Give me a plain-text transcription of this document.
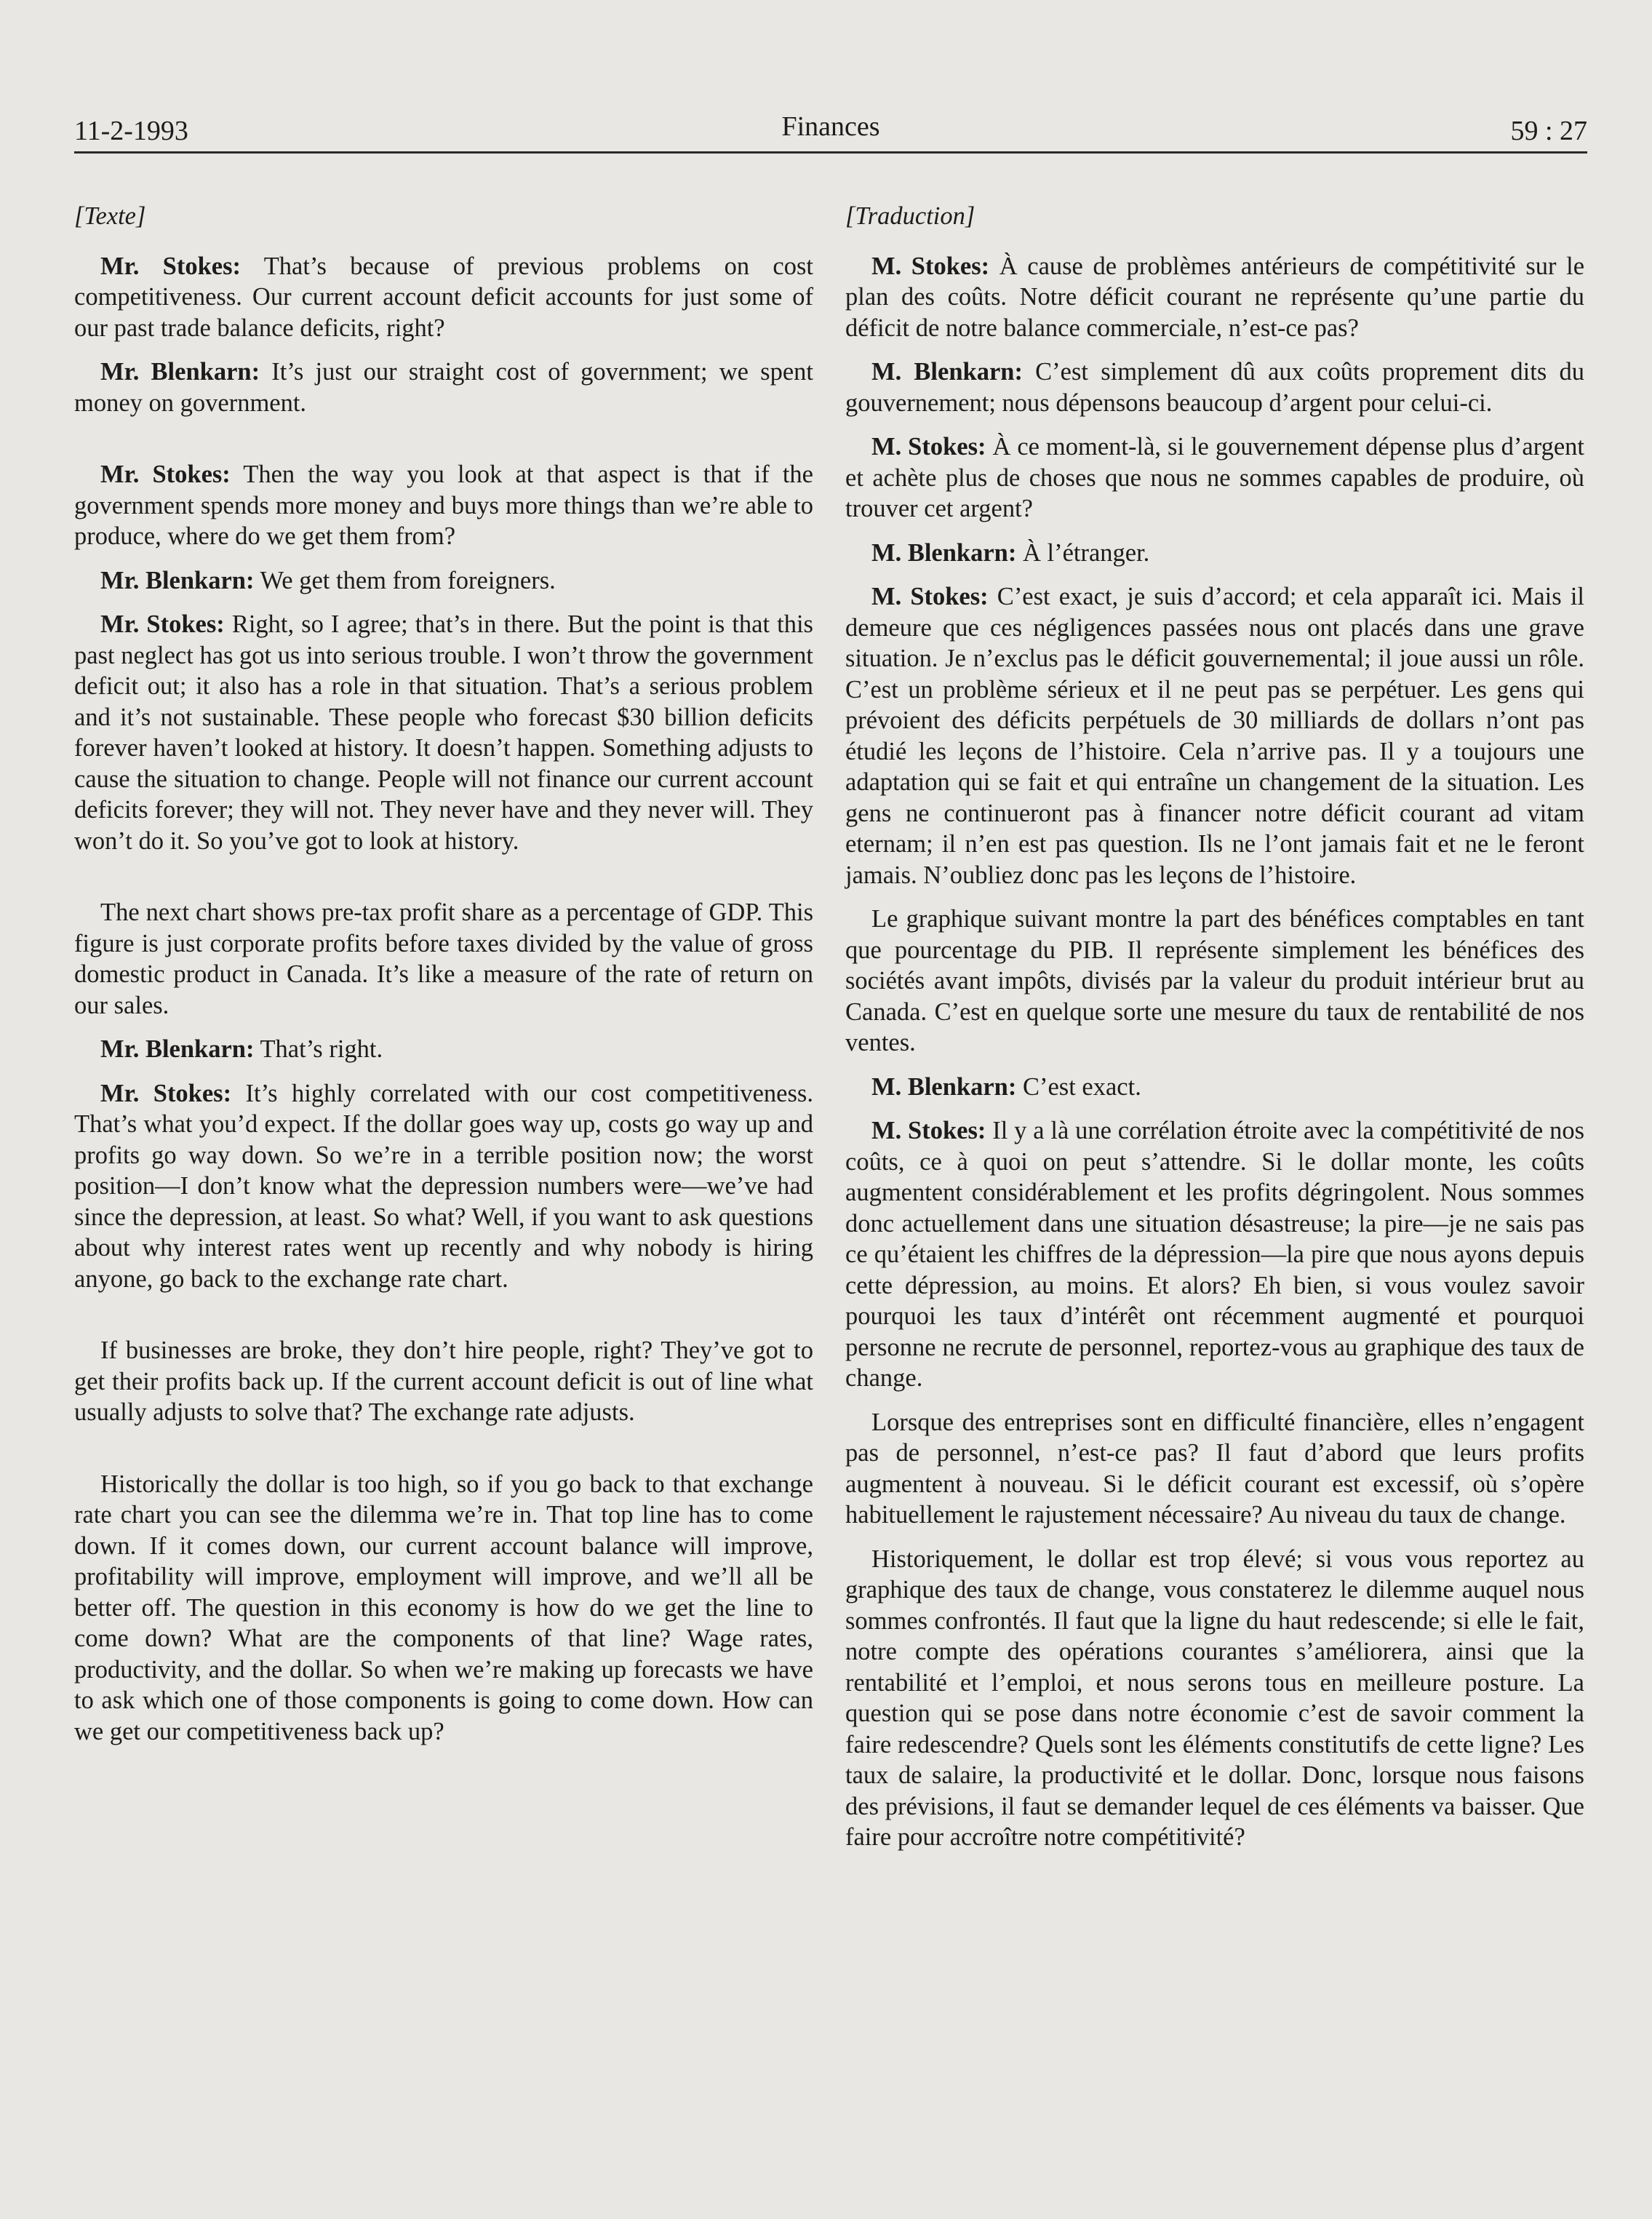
11-2-1993	Finances	59 : 27
[Texte]

Mr. Stokes: That’s because of previous problems on cost competitiveness. Our current account deficit accounts for just some of our past trade balance deficits, right?

Mr. Blenkarn: It’s just our straight cost of government; we spent money on government.

Mr. Stokes: Then the way you look at that aspect is that if the government spends more money and buys more things than we’re able to produce, where do we get them from?

Mr. Blenkarn: We get them from foreigners.

Mr. Stokes: Right, so I agree; that’s in there. But the point is that this past neglect has got us into serious trouble. I won’t throw the government deficit out; it also has a role in that situation. That’s a serious problem and it’s not sustainable. These people who forecast $30 billion deficits forever haven’t looked at history. It doesn’t happen. Something adjusts to cause the situation to change. People will not finance our current account deficits forever; they will not. They never have and they never will. They won’t do it. So you’ve got to look at history.

The next chart shows pre-tax profit share as a percentage of GDP. This figure is just corporate profits before taxes divided by the value of gross domestic product in Canada. It’s like a measure of the rate of return on our sales.

Mr. Blenkarn: That’s right.

Mr. Stokes: It’s highly correlated with our cost competitiveness. That’s what you’d expect. If the dollar goes way up, costs go way up and profits go way down. So we’re in a terrible position now; the worst position—I don’t know what the depression numbers were—we’ve had since the depression, at least. So what? Well, if you want to ask questions about why interest rates went up recently and why nobody is hiring anyone, go back to the exchange rate chart.

If businesses are broke, they don’t hire people, right? They’ve got to get their profits back up. If the current account deficit is out of line what usually adjusts to solve that? The exchange rate adjusts.

Historically the dollar is too high, so if you go back to that exchange rate chart you can see the dilemma we’re in. That top line has to come down. If it comes down, our current account balance will improve, profitability will improve, employment will improve, and we’ll all be better off. The question in this economy is how do we get the line to come down? What are the components of that line? Wage rates, productivity, and the dollar. So when we’re making up forecasts we have to ask which one of those components is going to come down. How can we get our competitiveness back up?

[Traduction]

M. Stokes: À cause de problèmes antérieurs de compétitivité sur le plan des coûts. Notre déficit courant ne représente qu’une partie du déficit de notre balance commerciale, n’est-ce pas?

M. Blenkarn: C’est simplement dû aux coûts proprement dits du gouvernement; nous dépensons beaucoup d’argent pour celui-ci.

M. Stokes: À ce moment-là, si le gouvernement dépense plus d’argent et achète plus de choses que nous ne sommes capables de produire, où trouver cet argent?

M. Blenkarn: À l’étranger.

M. Stokes: C’est exact, je suis d’accord; et cela apparaît ici. Mais il demeure que ces négligences passées nous ont placés dans une grave situation. Je n’exclus pas le déficit gouvernemental; il joue aussi un rôle. C’est un problème sérieux et il ne peut pas se perpétuer. Les gens qui prévoient des déficits perpétuels de 30 milliards de dollars n’ont pas étudié les leçons de l’histoire. Cela n’arrive pas. Il y a toujours une adaptation qui se fait et qui entraîne un changement de la situation. Les gens ne continueront pas à financer notre déficit courant ad vitam eternam; il n’en est pas question. Ils ne l’ont jamais fait et ne le feront jamais. N’oubliez donc pas les leçons de l’histoire.

Le graphique suivant montre la part des bénéfices comptables en tant que pourcentage du PIB. Il représente simplement les bénéfices des sociétés avant impôts, divisés par la valeur du produit intérieur brut au Canada. C’est en quelque sorte une mesure du taux de rentabilité de nos ventes.

M. Blenkarn: C’est exact.

M. Stokes: Il y a là une corrélation étroite avec la compétitivité de nos coûts, ce à quoi on peut s’attendre. Si le dollar monte, les coûts augmentent considérablement et les profits dégringolent. Nous sommes donc actuellement dans une situation désastreuse; la pire—je ne sais pas ce qu’étaient les chiffres de la dépression—la pire que nous ayons depuis cette dépression, au moins. Et alors? Eh bien, si vous voulez savoir pourquoi les taux d’intérêt ont récemment augmenté et pourquoi personne ne recrute de personnel, reportez-vous au graphique des taux de change.

Lorsque des entreprises sont en difficulté financière, elles n’engagent pas de personnel, n’est-ce pas? Il faut d’abord que leurs profits augmentent à nouveau. Si le déficit courant est excessif, où s’opère habituellement le rajustement nécessaire? Au niveau du taux de change.

Historiquement, le dollar est trop élevé; si vous vous reportez au graphique des taux de change, vous constaterez le dilemme auquel nous sommes confrontés. Il faut que la ligne du haut redescende; si elle le fait, notre compte des opérations courantes s’améliorera, ainsi que la rentabilité et l’emploi, et nous serons tous en meilleure posture. La question qui se pose dans notre économie c’est de savoir comment la faire redescendre? Quels sont les éléments constitutifs de cette ligne? Les taux de salaire, la productivité et le dollar. Donc, lorsque nous faisons des prévisions, il faut se demander lequel de ces éléments va baisser. Que faire pour accroître notre compétitivité?
